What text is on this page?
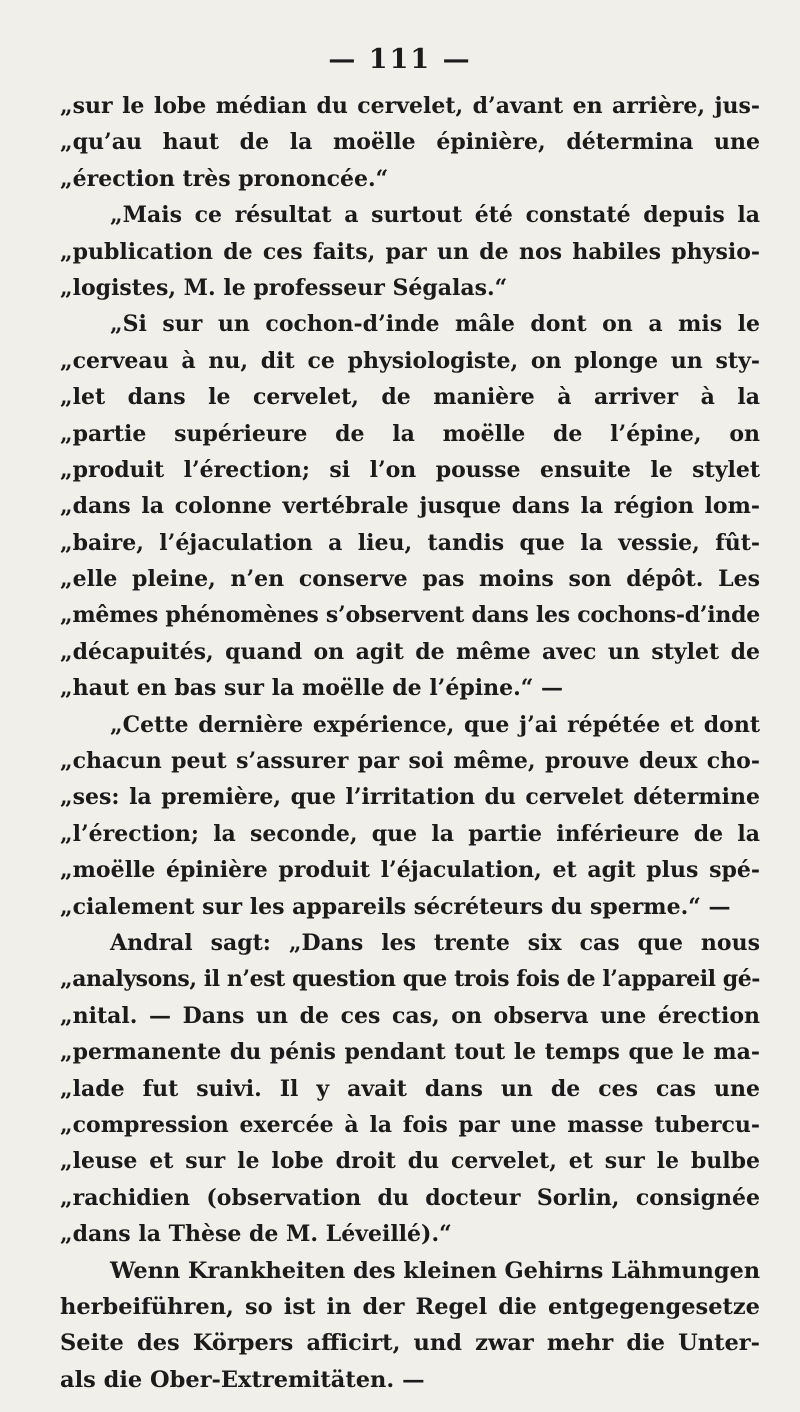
— 111 —
„sur le lobe médian du cervelet, d’avant en arrière, jus-
„qu’au haut de la moëlle épinière, détermina une
„érection très prononcée.“
„Mais ce résultat a surtout été constaté depuis la
„publication de ces faits, par un de nos habiles physio-
„logistes, M. le professeur Ségalas.“
„Si sur un cochon-d’inde mâle dont on a mis le
„cerveau à nu, dit ce physiologiste, on plonge un sty-
„let dans le cervelet, de manière à arriver à la
„partie supérieure de la moëlle de l’épine, on
„produit l’érection; si l’on pousse ensuite le stylet
„dans la colonne vertébrale jusque dans la région lom-
„baire, l’éjaculation a lieu, tandis que la vessie, fût-
„elle pleine, n’en conserve pas moins son dépôt. Les
„mêmes phénomènes s’observent dans les cochons-d’inde
„décapuités, quand on agit de même avec un stylet de
„haut en bas sur la moëlle de l’épine.“ —
„Cette dernière expérience, que j’ai répétée et dont
„chacun peut s’assurer par soi même, prouve deux cho-
„ses: la première, que l’irritation du cervelet détermine
„l’érection; la seconde, que la partie inférieure de la
„moëlle épinière produit l’éjaculation, et agit plus spé-
„cialement sur les appareils sécréteurs du sperme.“ —
Andral sagt: „Dans les trente six cas que nous
„analysons, il n’est question que trois fois de l’appareil gé-
„nital. — Dans un de ces cas, on observa une érection
„permanente du pénis pendant tout le temps que le ma-
„lade fut suivi. Il y avait dans un de ces cas une
„compression exercée à la fois par une masse tubercu-
„leuse et sur le lobe droit du cervelet, et sur le bulbe
„rachidien (observation du docteur Sorlin, consignée
„dans la Thèse de M. Léveillé).“
Wenn Krankheiten des kleinen Gehirns Lähmungen
herbeiführen, so ist in der Regel die entgegengesetze
Seite des Körpers afficirt, und zwar mehr die Unter-
als die Ober-Extremitäten. —
